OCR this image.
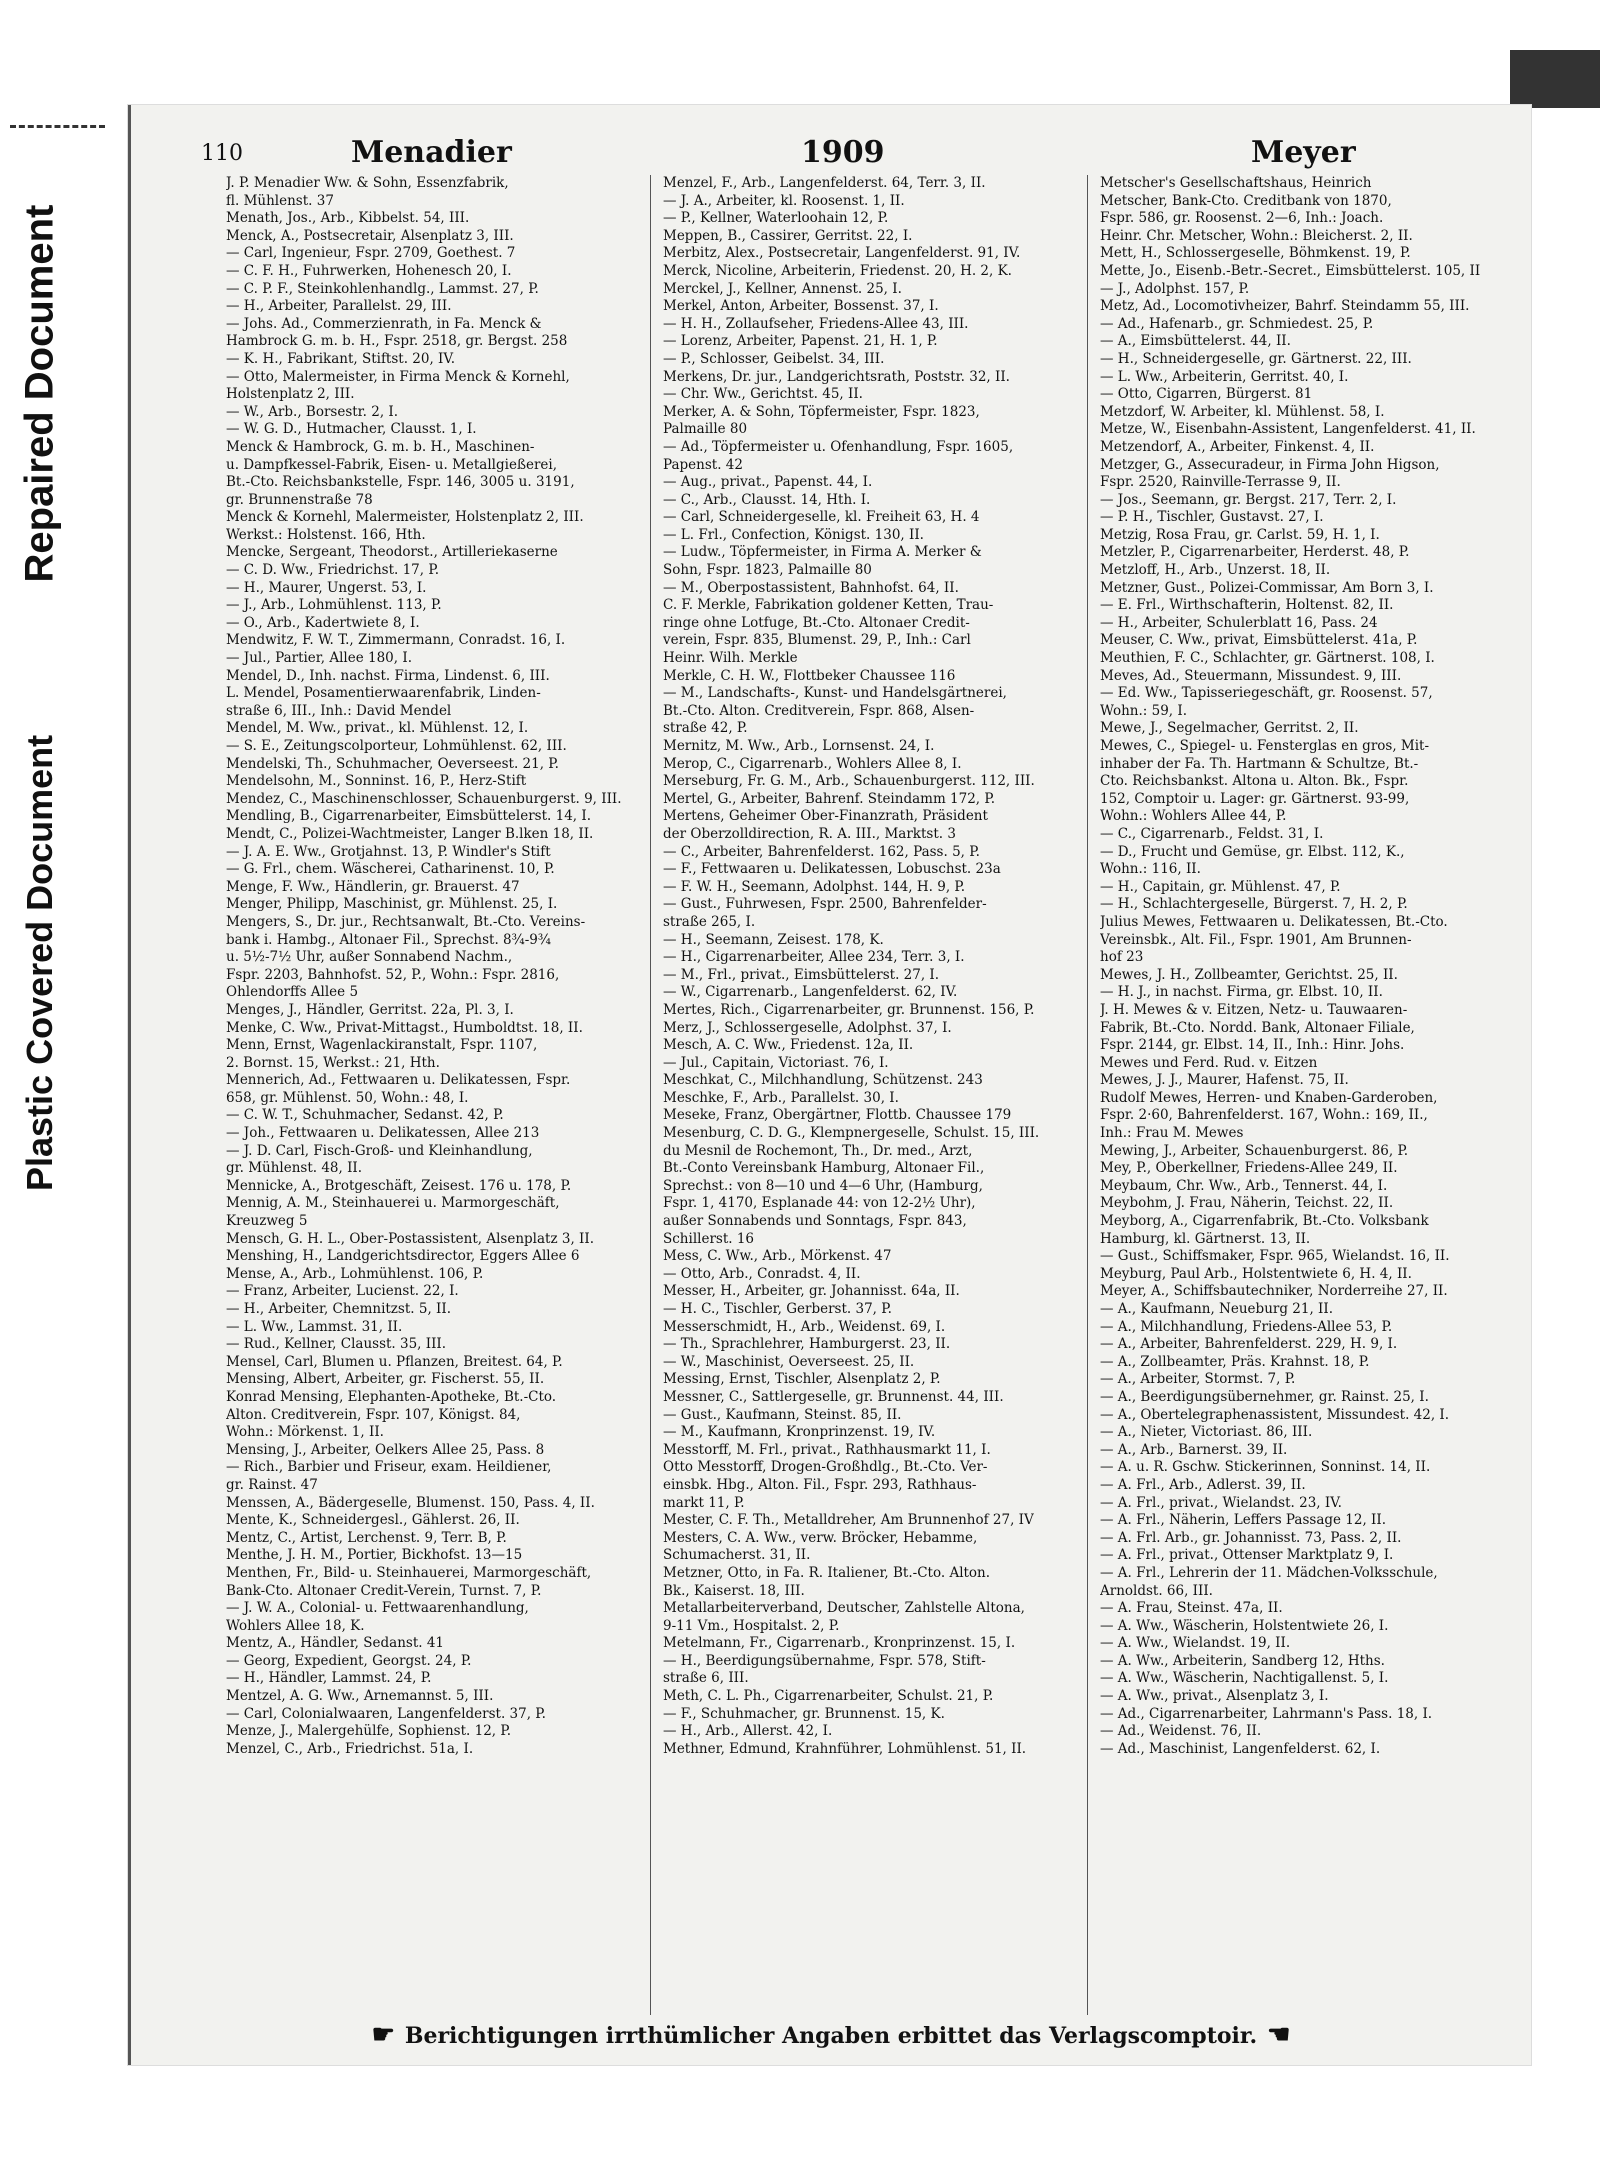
Repaired Document
Plastic Covered Document
110	Menadier	1909	Meyer
J. P. Menadier Ww. & Sohn, Essenzfabrik,
fl. Mühlenst. 37
Menath, Jos., Arb., Kibbelst. 54, III.
Menck, A., Postsecretair, Alsenplatz 3, III.
— Carl, Ingenieur, Fspr. 2709, Goethest. 7
— C. F. H., Fuhrwerken, Hohenesch 20, I.
— C. P. F., Steinkohlenhandlg., Lammst. 27, P.
— H., Arbeiter, Parallelst. 29, III.
— Johs. Ad., Commerzienrath, in Fa. Menck &
Hambrock G. m. b. H., Fspr. 2518, gr. Bergst. 258
— K. H., Fabrikant, Stiftst. 20, IV.
— Otto, Malermeister, in Firma Menck & Kornehl,
Holstenplatz 2, III.
— W., Arb., Borsestr. 2, I.
— W. G. D., Hutmacher, Clausst. 1, I.
Menck & Hambrock, G. m. b. H., Maschinen-
u. Dampfkessel-Fabrik, Eisen- u. Metallgießerei,
Bt.-Cto. Reichsbankstelle, Fspr. 146, 3005 u. 3191,
gr. Brunnenstraße 78
Menck & Kornehl, Malermeister, Holstenplatz 2, III.
Werkst.: Holstenst. 166, Hth.
Mencke, Sergeant, Theodorst., Artilleriekaserne
— C. D. Ww., Friedrichst. 17, P.
— H., Maurer, Ungerst. 53, I.
— J., Arb., Lohmühlenst. 113, P.
— O., Arb., Kadertwiete 8, I.
Mendwitz, F. W. T., Zimmermann, Conradst. 16, I.
— Jul., Partier, Allee 180, I.
Mendel, D., Inh. nachst. Firma, Lindenst. 6, III.
L. Mendel, Posamentierwaarenfabrik, Linden-
straße 6, III., Inh.: David Mendel
Mendel, M. Ww., privat., kl. Mühlenst. 12, I.
— S. E., Zeitungscolporteur, Lohmühlenst. 62, III.
Mendelski, Th., Schuhmacher, Oeverseest. 21, P.
Mendelsohn, M., Sonninst. 16, P., Herz-Stift
Mendez, C., Maschinenschlosser, Schauenburgerst. 9, III.
Mendling, B., Cigarrenarbeiter, Eimsbüttelerst. 14, I.
Mendt, C., Polizei-Wachtmeister, Langer B.lken 18, II.
— J. A. E. Ww., Grotjahnst. 13, P. Windler's Stift
— G. Frl., chem. Wäscherei, Catharinenst. 10, P.
Menge, F. Ww., Händlerin, gr. Brauerst. 47
Menger, Philipp, Maschinist, gr. Mühlenst. 25, I.
Mengers, S., Dr. jur., Rechtsanwalt, Bt.-Cto. Vereins-
bank i. Hambg., Altonaer Fil., Sprechst. 8¾-9¾
u. 5½-7½ Uhr, außer Sonnabend Nachm.,
Fspr. 2203, Bahnhofst. 52, P., Wohn.: Fspr. 2816,
Ohlendorffs Allee 5
Menges, J., Händler, Gerritst. 22a, Pl. 3, I.
Menke, C. Ww., Privat-Mittagst., Humboldtst. 18, II.
Menn, Ernst, Wagenlackiranstalt, Fspr. 1107,
2. Bornst. 15, Werkst.: 21, Hth.
Mennerich, Ad., Fettwaaren u. Delikatessen, Fspr.
658, gr. Mühlenst. 50, Wohn.: 48, I.
— C. W. T., Schuhmacher, Sedanst. 42, P.
— Joh., Fettwaaren u. Delikatessen, Allee 213
— J. D. Carl, Fisch-Groß- und Kleinhandlung,
gr. Mühlenst. 48, II.
Mennicke, A., Brotgeschäft, Zeisest. 176 u. 178, P.
Mennig, A. M., Steinhauerei u. Marmorgeschäft,
Kreuzweg 5
Mensch, G. H. L., Ober-Postassistent, Alsenplatz 3, II.
Menshing, H., Landgerichtsdirector, Eggers Allee 6
Mense, A., Arb., Lohmühlenst. 106, P.
— Franz, Arbeiter, Lucienst. 22, I.
— H., Arbeiter, Chemnitzst. 5, II.
— L. Ww., Lammst. 31, II.
— Rud., Kellner, Clausst. 35, III.
Mensel, Carl, Blumen u. Pflanzen, Breitest. 64, P.
Mensing, Albert, Arbeiter, gr. Fischerst. 55, II.
Konrad Mensing, Elephanten-Apotheke, Bt.-Cto.
Alton. Creditverein, Fspr. 107, Königst. 84,
Wohn.: Mörkenst. 1, II.
Mensing, J., Arbeiter, Oelkers Allee 25, Pass. 8
— Rich., Barbier und Friseur, exam. Heildiener,
gr. Rainst. 47
Menssen, A., Bädergeselle, Blumenst. 150, Pass. 4, II.
Mente, K., Schneidergesl., Gählerst. 26, II.
Mentz, C., Artist, Lerchenst. 9, Terr. B, P.
Menthe, J. H. M., Portier, Bickhofst. 13—15
Menthen, Fr., Bild- u. Steinhauerei, Marmorgeschäft,
Bank-Cto. Altonaer Credit-Verein, Turnst. 7, P.
— J. W. A., Colonial- u. Fettwaarenhandlung,
Wohlers Allee 18, K.
Mentz, A., Händler, Sedanst. 41
— Georg, Expedient, Georgst. 24, P.
— H., Händler, Lammst. 24, P.
Mentzel, A. G. Ww., Arnemannst. 5, III.
— Carl, Colonialwaaren, Langenfelderst. 37, P.
Menze, J., Malergehülfe, Sophienst. 12, P.
Menzel, C., Arb., Friedrichst. 51a, I.
Menzel, F., Arb., Langenfelderst. 64, Terr. 3, II.
— J. A., Arbeiter, kl. Roosenst. 1, II.
— P., Kellner, Waterloohain 12, P.
Meppen, B., Cassirer, Gerritst. 22, I.
Merbitz, Alex., Postsecretair, Langenfelderst. 91, IV.
Merck, Nicoline, Arbeiterin, Friedenst. 20, H. 2, K.
Merckel, J., Kellner, Annenst. 25, I.
Merkel, Anton, Arbeiter, Bossenst. 37, I.
— H. H., Zollaufseher, Friedens-Allee 43, III.
— Lorenz, Arbeiter, Papenst. 21, H. 1, P.
— P., Schlosser, Geibelst. 34, III.
Merkens, Dr. jur., Landgerichtsrath, Poststr. 32, II.
— Chr. Ww., Gerichtst. 45, II.
Merker, A. & Sohn, Töpfermeister, Fspr. 1823,
Palmaille 80
— Ad., Töpfermeister u. Ofenhandlung, Fspr. 1605,
Papenst. 42
— Aug., privat., Papenst. 44, I.
— C., Arb., Clausst. 14, Hth. I.
— Carl, Schneidergeselle, kl. Freiheit 63, H. 4
— L. Frl., Confection, Königst. 130, II.
— Ludw., Töpfermeister, in Firma A. Merker &
Sohn, Fspr. 1823, Palmaille 80
— M., Oberpostassistent, Bahnhofst. 64, II.
C. F. Merkle, Fabrikation goldener Ketten, Trau-
ringe ohne Lotfuge, Bt.-Cto. Altonaer Credit-
verein, Fspr. 835, Blumenst. 29, P., Inh.: Carl
Heinr. Wilh. Merkle
Merkle, C. H. W., Flottbeker Chaussee 116
— M., Landschafts-, Kunst- und Handelsgärtnerei,
Bt.-Cto. Alton. Creditverein, Fspr. 868, Alsen-
straße 42, P.
Mernitz, M. Ww., Arb., Lornsenst. 24, I.
Merop, C., Cigarrenarb., Wohlers Allee 8, I.
Merseburg, Fr. G. M., Arb., Schauenburgerst. 112, III.
Mertel, G., Arbeiter, Bahrenf. Steindamm 172, P.
Mertens, Geheimer Ober-Finanzrath, Präsident
der Oberzolldirection, R. A. III., Marktst. 3
— C., Arbeiter, Bahrenfelderst. 162, Pass. 5, P.
— F., Fettwaaren u. Delikatessen, Lobuschst. 23a
— F. W. H., Seemann, Adolphst. 144, H. 9, P.
— Gust., Fuhrwesen, Fspr. 2500, Bahrenfelder-
straße 265, I.
— H., Seemann, Zeisest. 178, K.
— H., Cigarrenarbeiter, Allee 234, Terr. 3, I.
— M., Frl., privat., Eimsbüttelerst. 27, I.
— W., Cigarrenarb., Langenfelderst. 62, IV.
Mertes, Rich., Cigarrenarbeiter, gr. Brunnenst. 156, P.
Merz, J., Schlossergeselle, Adolphst. 37, I.
Mesch, A. C. Ww., Friedenst. 12a, II.
— Jul., Capitain, Victoriast. 76, I.
Meschkat, C., Milchhandlung, Schützenst. 243
Meschke, F., Arb., Parallelst. 30, I.
Meseke, Franz, Obergärtner, Flottb. Chaussee 179
Mesenburg, C. D. G., Klempnergeselle, Schulst. 15, III.
du Mesnil de Rochemont, Th., Dr. med., Arzt,
Bt.-Conto Vereinsbank Hamburg, Altonaer Fil.,
Sprechst.: von 8—10 und 4—6 Uhr, (Hamburg,
Fspr. 1, 4170, Esplanade 44: von 12-2½ Uhr),
außer Sonnabends und Sonntags, Fspr. 843,
Schillerst. 16
Mess, C. Ww., Arb., Mörkenst. 47
— Otto, Arb., Conradst. 4, II.
Messer, H., Arbeiter, gr. Johannisst. 64a, II.
— H. C., Tischler, Gerberst. 37, P.
Messerschmidt, H., Arb., Weidenst. 69, I.
— Th., Sprachlehrer, Hamburgerst. 23, II.
— W., Maschinist, Oeverseest. 25, II.
Messing, Ernst, Tischler, Alsenplatz 2, P.
Messner, C., Sattlergeselle, gr. Brunnenst. 44, III.
— Gust., Kaufmann, Steinst. 85, II.
— M., Kaufmann, Kronprinzenst. 19, IV.
Messtorff, M. Frl., privat., Rathhausmarkt 11, I.
Otto Messtorff, Drogen-Großhdlg., Bt.-Cto. Ver-
einsbk. Hbg., Alton. Fil., Fspr. 293, Rathhaus-
markt 11, P.
Mester, C. F. Th., Metalldreher, Am Brunnenhof 27, IV
Mesters, C. A. Ww., verw. Bröcker, Hebamme,
Schumacherst. 31, II.
Metzner, Otto, in Fa. R. Italiener, Bt.-Cto. Alton.
Bk., Kaiserst. 18, III.
Metallarbeiterverband, Deutscher, Zahlstelle Altona,
9-11 Vm., Hospitalst. 2, P.
Metelmann, Fr., Cigarrenarb., Kronprinzenst. 15, I.
— H., Beerdigungsübernahme, Fspr. 578, Stift-
straße 6, III.
Meth, C. L. Ph., Cigarrenarbeiter, Schulst. 21, P.
— F., Schuhmacher, gr. Brunnenst. 15, K.
— H., Arb., Allerst. 42, I.
Methner, Edmund, Krahnführer, Lohmühlenst. 51, II.
Metscher's Gesellschaftshaus, Heinrich
Metscher, Bank-Cto. Creditbank von 1870,
Fspr. 586, gr. Roosenst. 2—6, Inh.: Joach.
Heinr. Chr. Metscher, Wohn.: Bleicherst. 2, II.
Mett, H., Schlossergeselle, Böhmkenst. 19, P.
Mette, Jo., Eisenb.-Betr.-Secret., Eimsbüttelerst. 105, II
— J., Adolphst. 157, P.
Metz, Ad., Locomotivheizer, Bahrf. Steindamm 55, III.
— Ad., Hafenarb., gr. Schmiedest. 25, P.
— A., Eimsbüttelerst. 44, II.
— H., Schneidergeselle, gr. Gärtnerst. 22, III.
— L. Ww., Arbeiterin, Gerritst. 40, I.
— Otto, Cigarren, Bürgerst. 81
Metzdorf, W. Arbeiter, kl. Mühlenst. 58, I.
Metze, W., Eisenbahn-Assistent, Langenfelderst. 41, II.
Metzendorf, A., Arbeiter, Finkenst. 4, II.
Metzger, G., Assecuradeur, in Firma John Higson,
Fspr. 2520, Rainville-Terrasse 9, II.
— Jos., Seemann, gr. Bergst. 217, Terr. 2, I.
— P. H., Tischler, Gustavst. 27, I.
Metzig, Rosa Frau, gr. Carlst. 59, H. 1, I.
Metzler, P., Cigarrenarbeiter, Herderst. 48, P.
Metzloff, H., Arb., Unzerst. 18, II.
Metzner, Gust., Polizei-Commissar, Am Born 3, I.
— E. Frl., Wirthschafterin, Holtenst. 82, II.
— H., Arbeiter, Schulerblatt 16, Pass. 24
Meuser, C. Ww., privat, Eimsbüttelerst. 41a, P.
Meuthien, F. C., Schlachter, gr. Gärtnerst. 108, I.
Meves, Ad., Steuermann, Missundest. 9, III.
— Ed. Ww., Tapisseriegeschäft, gr. Roosenst. 57,
Wohn.: 59, I.
Mewe, J., Segelmacher, Gerritst. 2, II.
Mewes, C., Spiegel- u. Fensterglas en gros, Mit-
inhaber der Fa. Th. Hartmann & Schultze, Bt.-
Cto. Reichsbankst. Altona u. Alton. Bk., Fspr.
152, Comptoir u. Lager: gr. Gärtnerst. 93-99,
Wohn.: Wohlers Allee 44, P.
— C., Cigarrenarb., Feldst. 31, I.
— D., Frucht und Gemüse, gr. Elbst. 112, K.,
Wohn.: 116, II.
— H., Capitain, gr. Mühlenst. 47, P.
— H., Schlachtergeselle, Bürgerst. 7, H. 2, P.
Julius Mewes, Fettwaaren u. Delikatessen, Bt.-Cto.
Vereinsbk., Alt. Fil., Fspr. 1901, Am Brunnen-
hof 23
Mewes, J. H., Zollbeamter, Gerichtst. 25, II.
— H. J., in nachst. Firma, gr. Elbst. 10, II.
J. H. Mewes & v. Eitzen, Netz- u. Tauwaaren-
Fabrik, Bt.-Cto. Nordd. Bank, Altonaer Filiale,
Fspr. 2144, gr. Elbst. 14, II., Inh.: Hinr. Johs.
Mewes und Ferd. Rud. v. Eitzen
Mewes, J. J., Maurer, Hafenst. 75, II.
Rudolf Mewes, Herren- und Knaben-Garderoben,
Fspr. 2·60, Bahrenfelderst. 167, Wohn.: 169, II.,
Inh.: Frau M. Mewes
Mewing, J., Arbeiter, Schauenburgerst. 86, P.
Mey, P., Oberkellner, Friedens-Allee 249, II.
Meybaum, Chr. Ww., Arb., Tennerst. 44, I.
Meybohm, J. Frau, Näherin, Teichst. 22, II.
Meyborg, A., Cigarrenfabrik, Bt.-Cto. Volksbank
Hamburg, kl. Gärtnerst. 13, II.
— Gust., Schiffsmaker, Fspr. 965, Wielandst. 16, II.
Meyburg, Paul Arb., Holstentwiete 6, H. 4, II.
Meyer, A., Schiffsbautechniker, Norderreihe 27, II.
— A., Kaufmann, Neueburg 21, II.
— A., Milchhandlung, Friedens-Allee 53, P.
— A., Arbeiter, Bahrenfelderst. 229, H. 9, I.
— A., Zollbeamter, Präs. Krahnst. 18, P.
— A., Arbeiter, Stormst. 7, P.
— A., Beerdigungsübernehmer, gr. Rainst. 25, I.
— A., Obertelegraphenassistent, Missundest. 42, I.
— A., Nieter, Victoriast. 86, III.
— A., Arb., Barnerst. 39, II.
— A. u. R. Gschw. Stickerinnen, Sonninst. 14, II.
— A. Frl., Arb., Adlerst. 39, II.
— A. Frl., privat., Wielandst. 23, IV.
— A. Frl., Näherin, Leffers Passage 12, II.
— A. Frl. Arb., gr. Johannisst. 73, Pass. 2, II.
— A. Frl., privat., Ottenser Marktplatz 9, I.
— A. Frl., Lehrerin der 11. Mädchen-Volksschule,
Arnoldst. 66, III.
— A. Frau, Steinst. 47a, II.
— A. Ww., Wäscherin, Holstentwiete 26, I.
— A. Ww., Wielandst. 19, II.
— A. Ww., Arbeiterin, Sandberg 12, Hths.
— A. Ww., Wäscherin, Nachtigallenst. 5, I.
— A. Ww., privat., Alsenplatz 3, I.
— Ad., Cigarrenarbeiter, Lahrmann's Pass. 18, I.
— Ad., Weidenst. 76, II.
— Ad., Maschinist, Langenfelderst. 62, I.
☛ Berichtigungen irrthümlicher Angaben erbittet das Verlagscomptoir. ☚
